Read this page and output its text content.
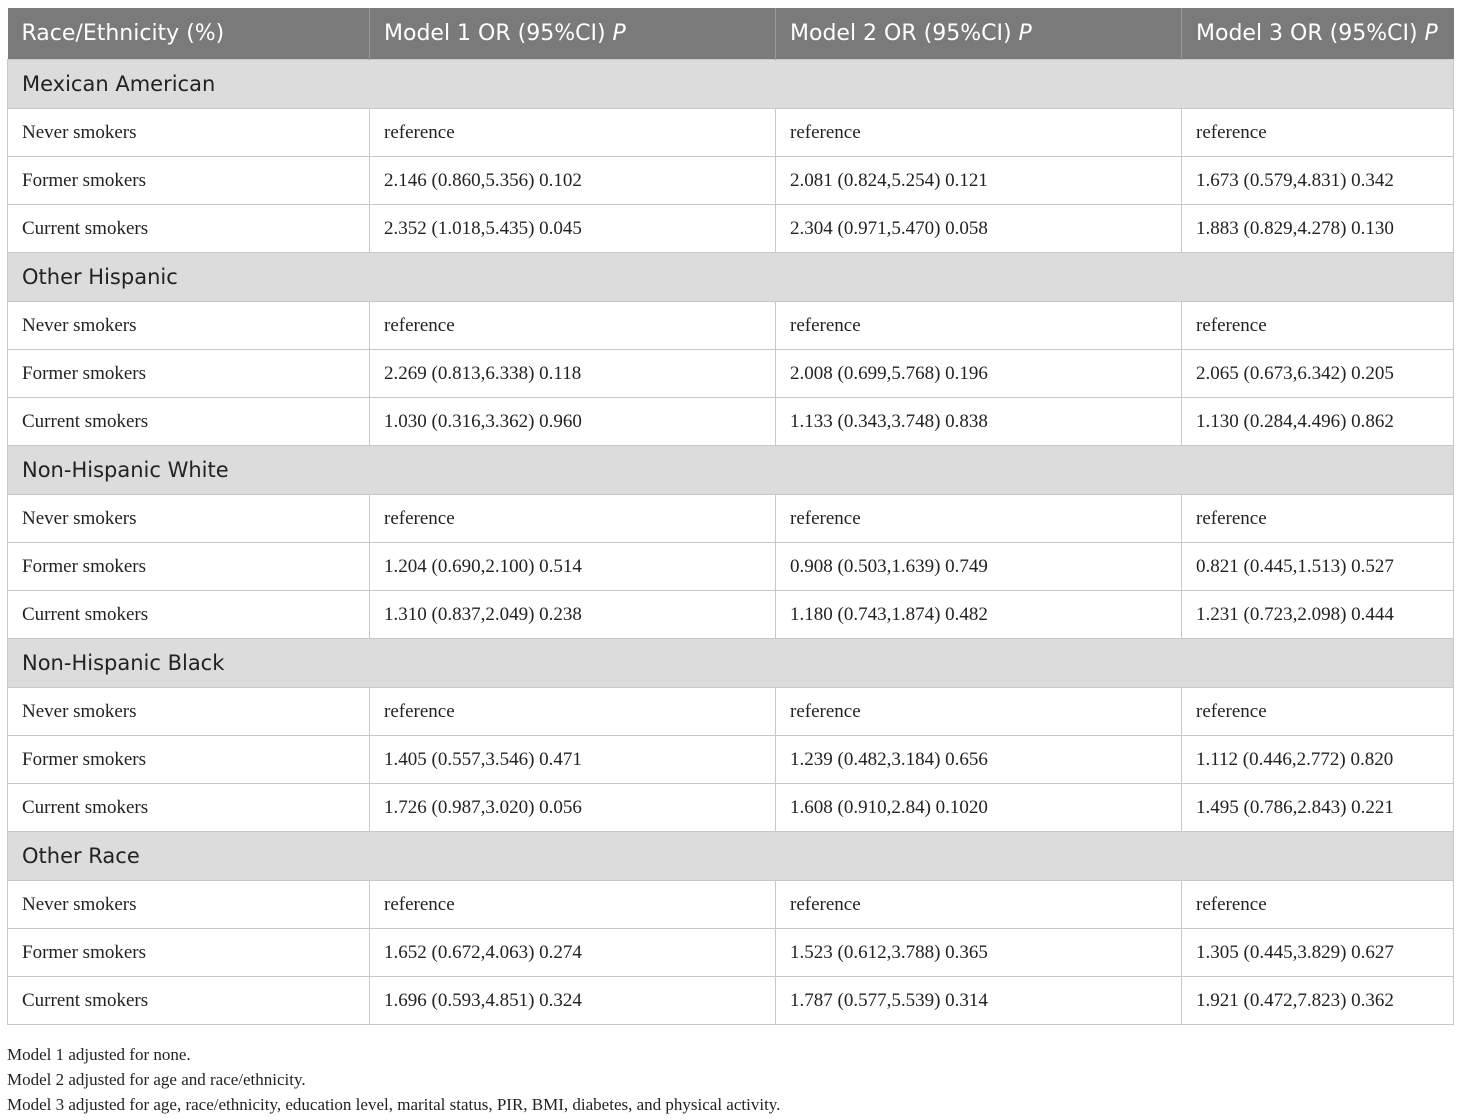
Race/Ethnicity (%)	Model 1 OR (95%CI) P	Model 2 OR (95%CI) P	Model 3 OR (95%CI) P
Mexican American			
Never smokers	reference	reference	reference
Former smokers	2.146 (0.860,5.356) 0.102	2.081 (0.824,5.254) 0.121	1.673 (0.579,4.831) 0.342
Current smokers	2.352 (1.018,5.435) 0.045	2.304 (0.971,5.470) 0.058	1.883 (0.829,4.278) 0.130
Other Hispanic			
Never smokers	reference	reference	reference
Former smokers	2.269 (0.813,6.338) 0.118	2.008 (0.699,5.768) 0.196	2.065 (0.673,6.342) 0.205
Current smokers	1.030 (0.316,3.362) 0.960	1.133 (0.343,3.748) 0.838	1.130 (0.284,4.496) 0.862
Non-Hispanic White			
Never smokers	reference	reference	reference
Former smokers	1.204 (0.690,2.100) 0.514	0.908 (0.503,1.639) 0.749	0.821 (0.445,1.513) 0.527
Current smokers	1.310 (0.837,2.049) 0.238	1.180 (0.743,1.874) 0.482	1.231 (0.723,2.098) 0.444
Non-Hispanic Black			
Never smokers	reference	reference	reference
Former smokers	1.405 (0.557,3.546) 0.471	1.239 (0.482,3.184) 0.656	1.112 (0.446,2.772) 0.820
Current smokers	1.726 (0.987,3.020) 0.056	1.608 (0.910,2.84) 0.1020	1.495 (0.786,2.843) 0.221
Other Race			
Never smokers	reference	reference	reference
Former smokers	1.652 (0.672,4.063) 0.274	1.523 (0.612,3.788) 0.365	1.305 (0.445,3.829) 0.627
Current smokers	1.696 (0.593,4.851) 0.324	1.787 (0.577,5.539) 0.314	1.921 (0.472,7.823) 0.362
Model 1 adjusted for none.
Model 2 adjusted for age and race/ethnicity.
Model 3 adjusted for age, race/ethnicity, education level, marital status, PIR, BMI, diabetes, and physical activity.
